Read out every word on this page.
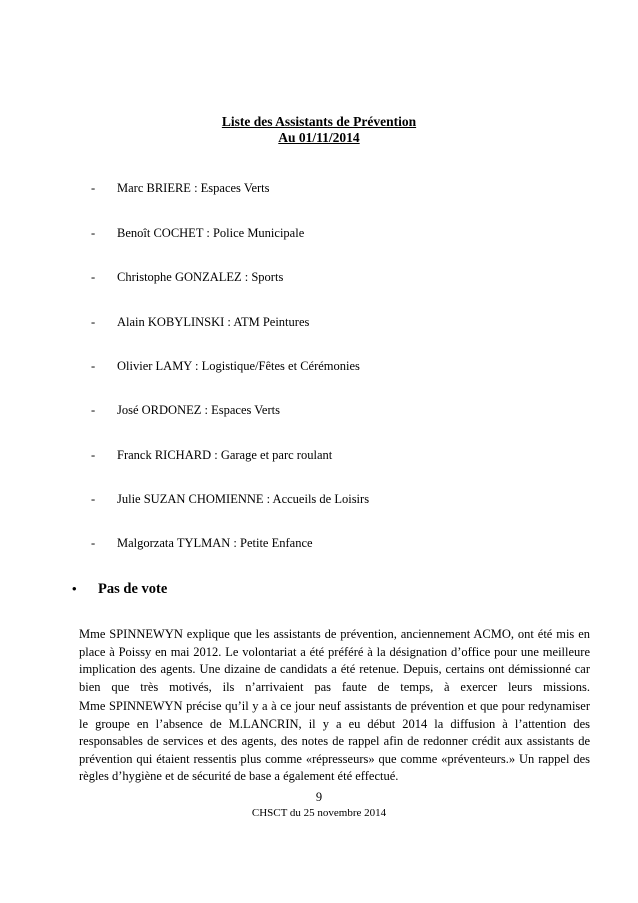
Liste des Assistants de Prévention
Au 01/11/2014
- Marc BRIERE : Espaces Verts
- Benoît COCHET : Police Municipale
- Christophe GONZALEZ : Sports
- Alain KOBYLINSKI : ATM Peintures
- Olivier LAMY : Logistique/Fêtes et Cérémonies
- José ORDONEZ : Espaces Verts
- Franck RICHARD : Garage et parc roulant
- Julie SUZAN CHOMIENNE : Accueils de Loisirs
- Malgorzata TYLMAN : Petite Enfance
• Pas de vote

Mme SPINNEWYN explique que les assistants de prévention, anciennement ACMO, ont été mis en place à Poissy en mai 2012. Le volontariat a été préféré à la désignation d’office pour une meilleure implication des agents. Une dizaine de candidats a été retenue. Depuis, certains ont démissionné car bien que très motivés, ils n’arrivaient pas faute de temps, à exercer leurs missions.

Mme SPINNEWYN précise qu’il y a à ce jour neuf assistants de prévention et que pour redynamiser le groupe en l’absence de M.LANCRIN, il y a eu début 2014 la diffusion à l’attention des responsables de services et des agents, des notes de rappel afin de redonner crédit aux assistants de prévention qui étaient ressentis plus comme «répresseurs» que comme «préventeurs.» Un rappel des règles d’hygiène et de sécurité de base a également été effectué.

9
CHSCT du 25 novembre 2014
